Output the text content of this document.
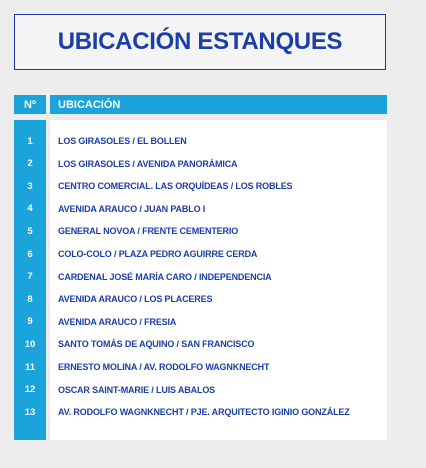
UBICACIÓN ESTANQUES
Nº	UBICACIÓN
1	LOS GIRASOLES / EL BOLLEN
2	LOS GIRASOLES / AVENIDA PANORÁMICA
3	CENTRO COMERCIAL. LAS ORQUÍDEAS / LOS ROBLES
4	AVENIDA ARAUCO / JUAN PABLO I
5	GENERAL NOVOA / FRENTE CEMENTERIO
6	COLO-COLO / PLAZA PEDRO AGUIRRE CERDA
7	CARDENAL JOSÉ MARÍA CARO / INDEPENDENCIA
8	AVENIDA ARAUCO / LOS PLACERES
9	AVENIDA ARAUCO / FRESIA
10	SANTO TOMÁS DE AQUINO / SAN FRANCISCO
11	ERNESTO MOLINA / AV. RODOLFO WAGNKNECHT
12	OSCAR SAINT-MARIE / LUIS ABALOS
13	AV. RODOLFO WAGNKNECHT / PJE. ARQUITECTO IGINIO GONZÁLEZ
